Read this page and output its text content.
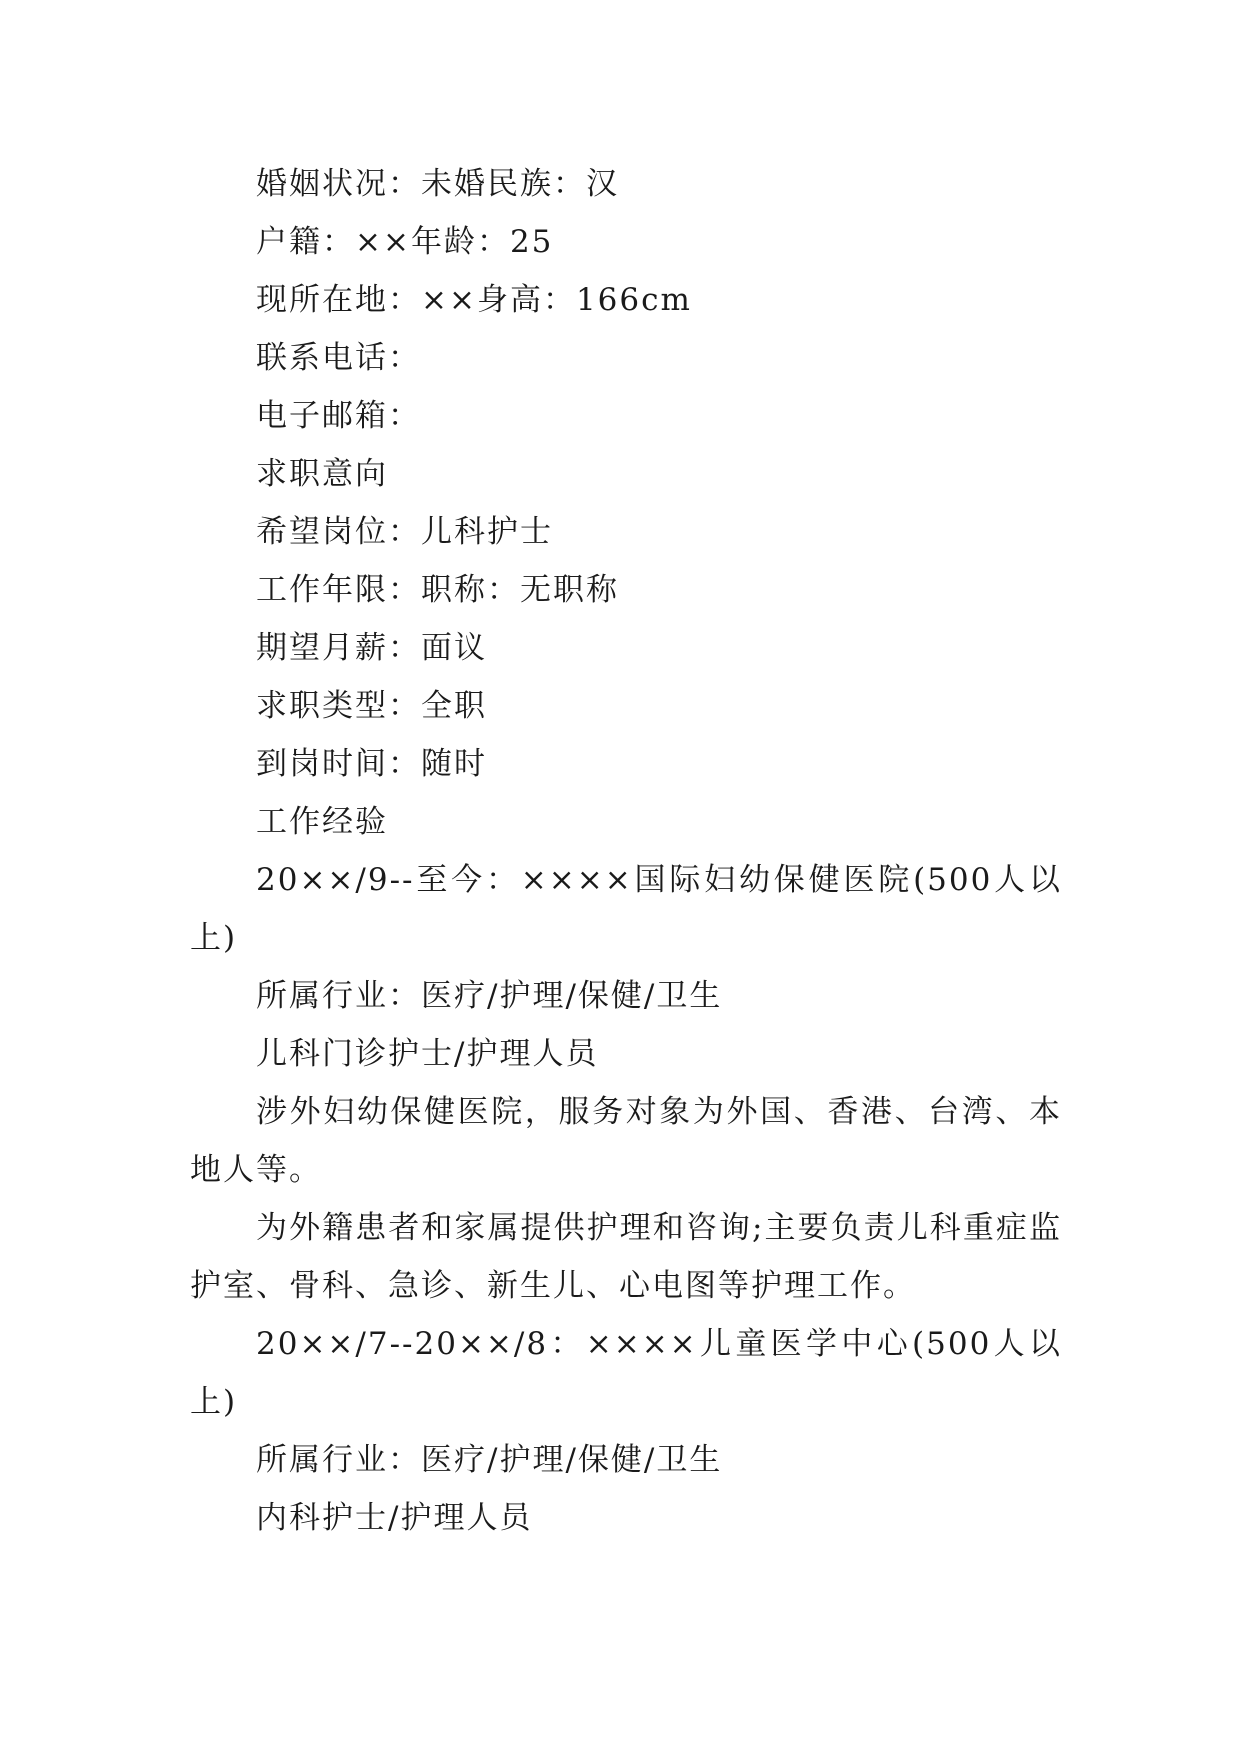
婚姻状况：未婚民族：汉

户籍：××年龄：25

现所在地：××身高：166cm

联系电话：

电子邮箱：

求职意向

希望岗位：儿科护士

工作年限：职称：无职称

期望月薪：面议

求职类型：全职

到岗时间：随时

工作经验

20××/9--至今：××××国际妇幼保健医院(500人以上)

所属行业：医疗/护理/保健/卫生

儿科门诊护士/护理人员

涉外妇幼保健医院，服务对象为外国、香港、台湾、本地人等。

为外籍患者和家属提供护理和咨询;主要负责儿科重症监护室、骨科、急诊、新生儿、心电图等护理工作。

20××/7--20××/8：××××儿童医学中心(500人以上)

所属行业：医疗/护理/保健/卫生

内科护士/护理人员
